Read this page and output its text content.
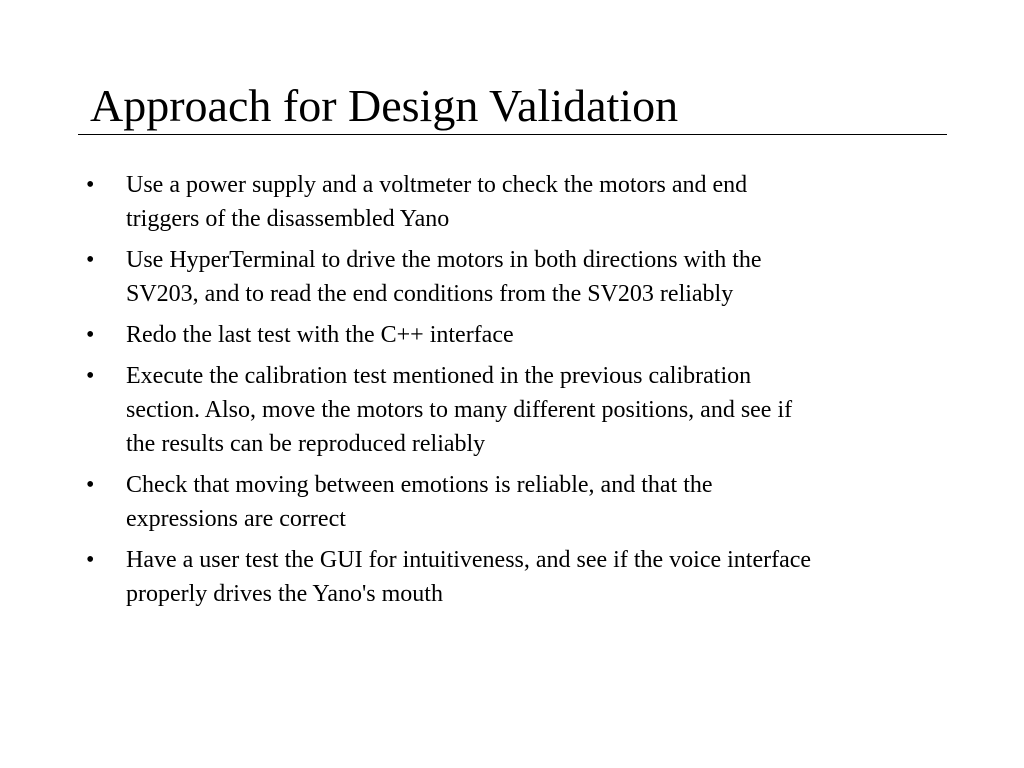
Approach for Design Validation
• Use a power supply and a voltmeter to check the motors and end
triggers of the disassembled Yano
• Use HyperTerminal to drive the motors in both directions with the
SV203, and to read the end conditions from the SV203 reliably
• Redo the last test with the C++ interface
• Execute the calibration test mentioned in the previous calibration
section. Also, move the motors to many different positions, and see if
the results can be reproduced reliably
• Check that moving between emotions is reliable, and that the
expressions are correct
• Have a user test the GUI for intuitiveness, and see if the voice interface
properly drives the Yano's mouth
